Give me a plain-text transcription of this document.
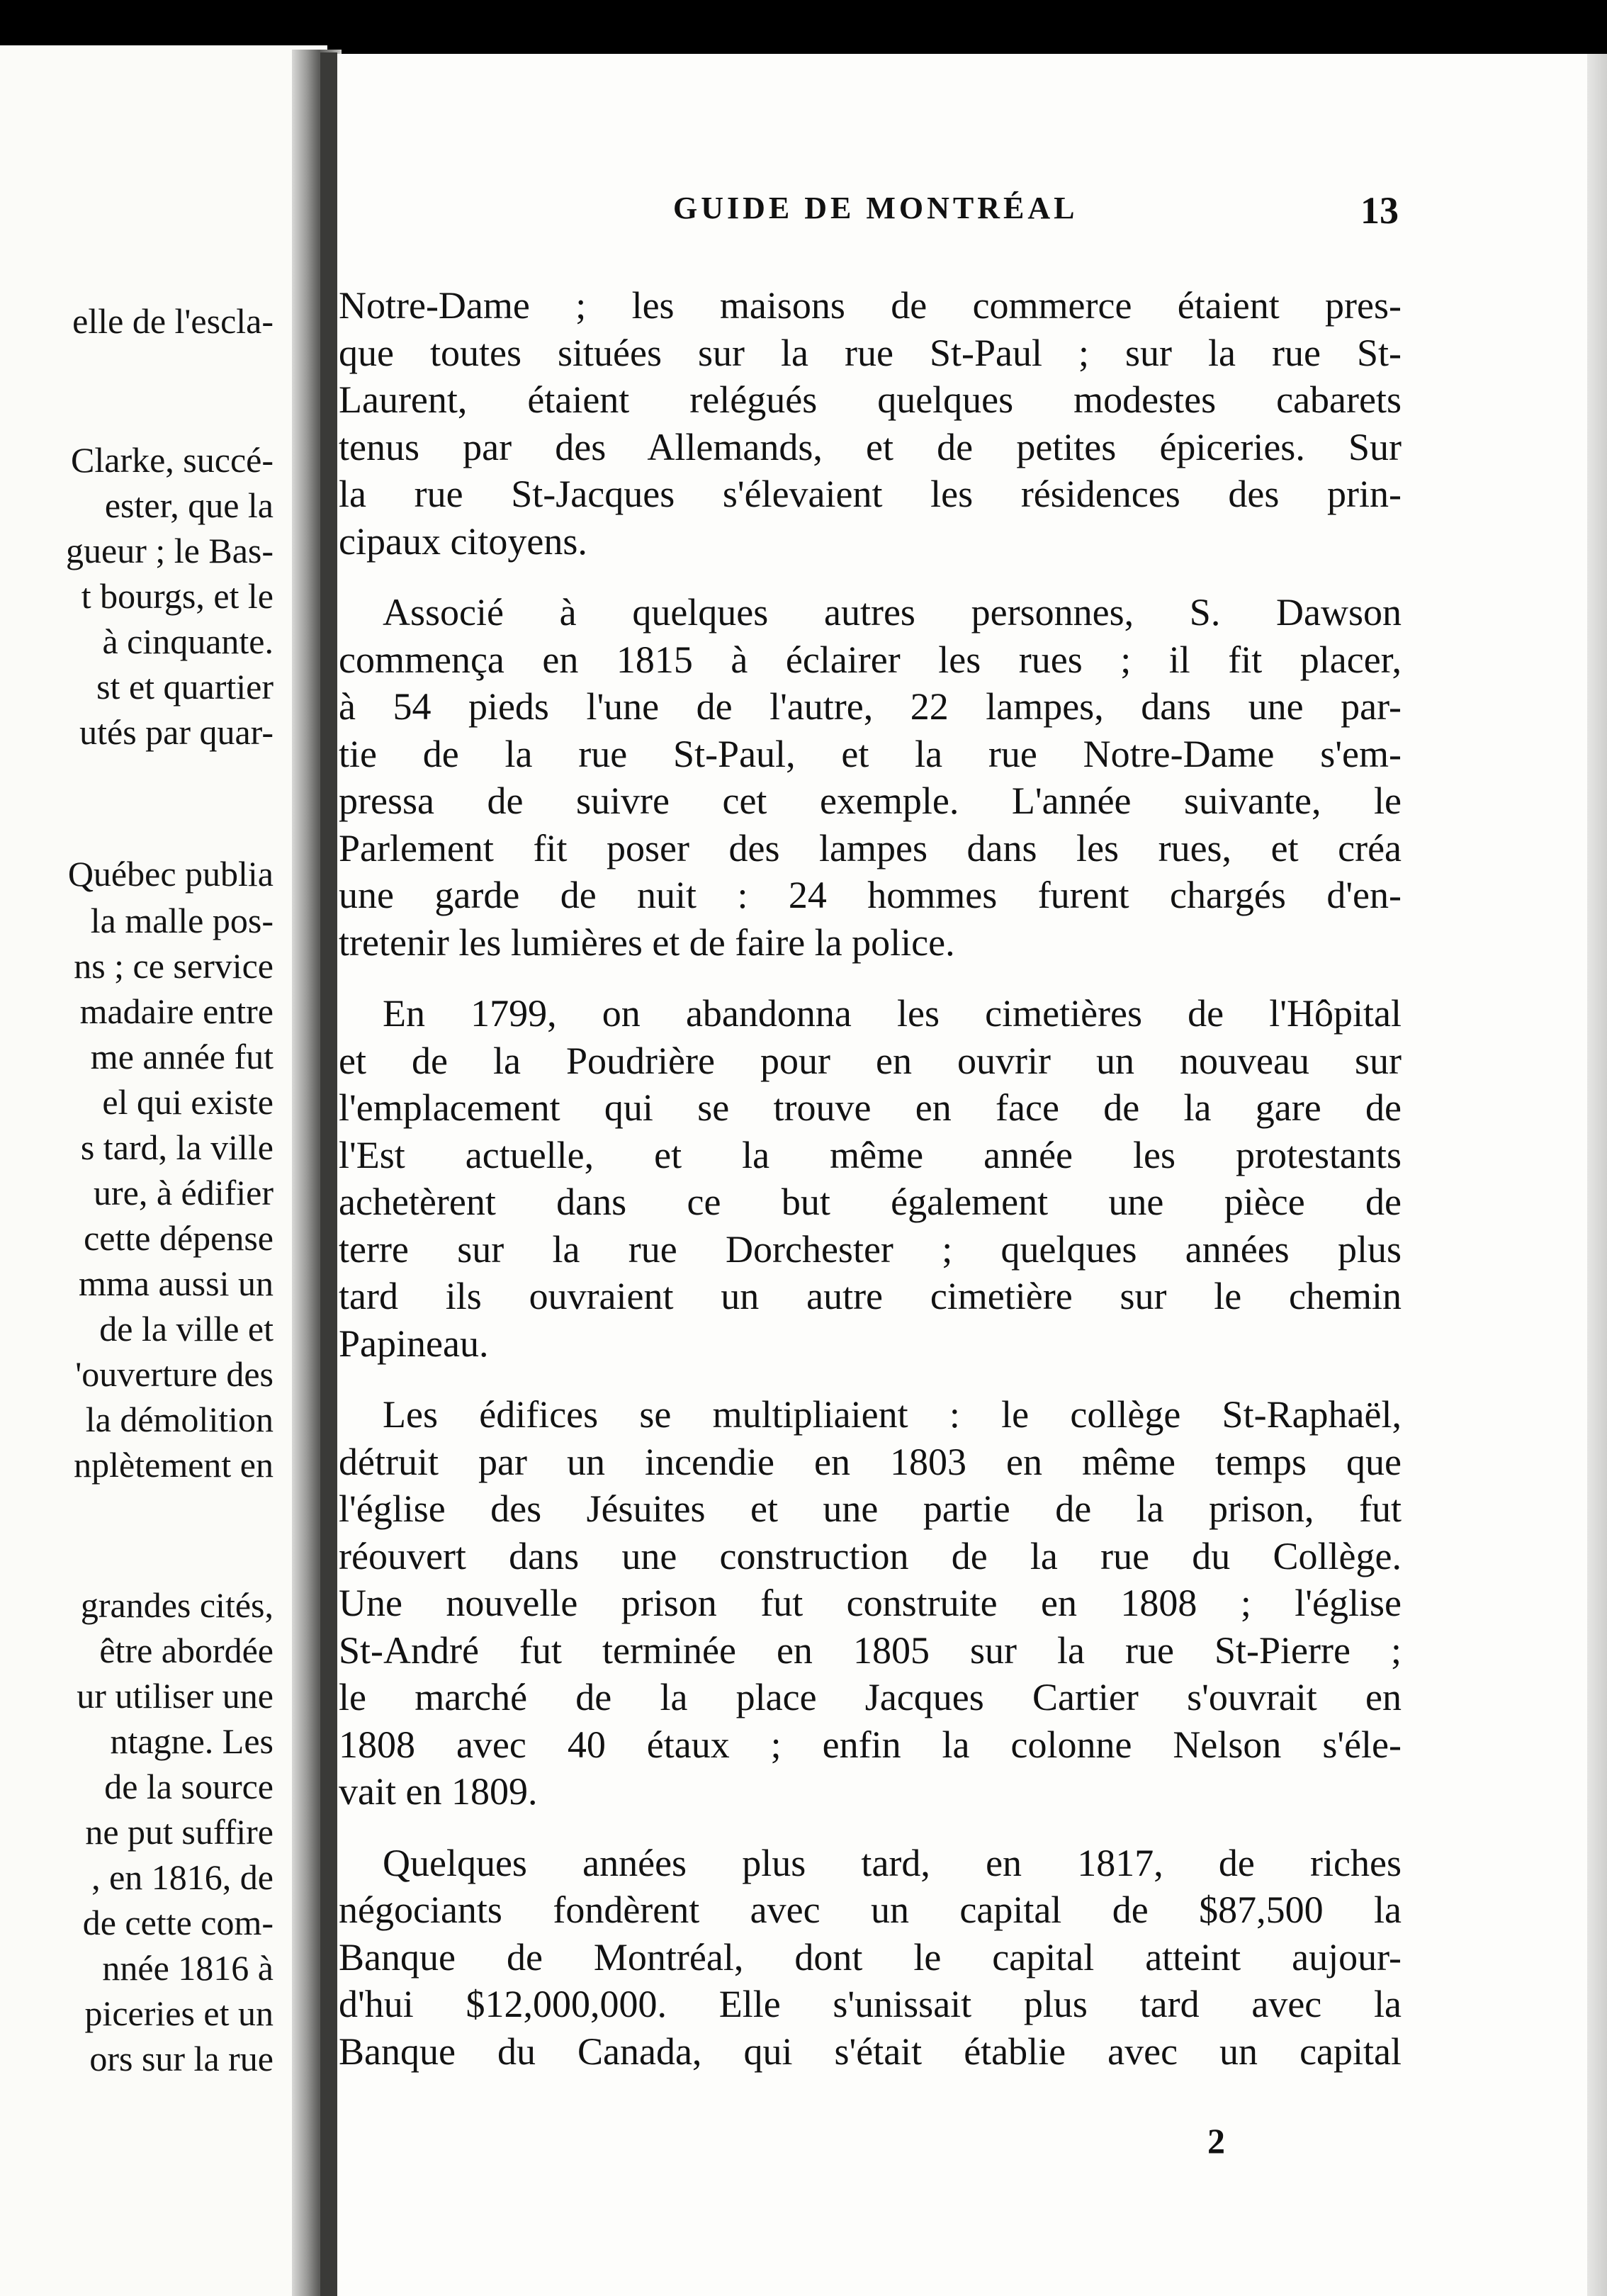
elle de l'escla-
Clarke, succé-
ester, que la
gueur ; le Bas-
t bourgs, et le
à cinquante.
st et quartier
utés par quar-
Québec publia
la malle pos-
ns ; ce service
madaire entre
me année fut
el qui existe
s tard, la ville
ure, à édifier
cette dépense
mma aussi un
de la ville et
'ouverture des
la démolition
nplètement en
grandes cités,
être abordée
ur utiliser une
ntagne. Les
de la source
ne put suffire
, en 1816, de
de cette com-
nnée 1816 à
piceries et un
ors sur la rue
GUIDE DE MONTRÉAL	13
Notre-Dame ; les maisons de commerce étaient pres-
que toutes situées sur la rue St-Paul ; sur la rue St-
Laurent, étaient relégués quelques modestes cabarets
tenus par des Allemands, et de petites épiceries. Sur
la rue St-Jacques s'élevaient les résidences des prin-
cipaux citoyens.
Associé à quelques autres personnes, S. Dawson
commença en 1815 à éclairer les rues ; il fit placer,
à 54 pieds l'une de l'autre, 22 lampes, dans une par-
tie de la rue St-Paul, et la rue Notre-Dame s'em-
pressa de suivre cet exemple. L'année suivante, le
Parlement fit poser des lampes dans les rues, et créa
une garde de nuit : 24 hommes furent chargés d'en-
tretenir les lumières et de faire la police.
En 1799, on abandonna les cimetières de l'Hôpital
et de la Poudrière pour en ouvrir un nouveau sur
l'emplacement qui se trouve en face de la gare de
l'Est actuelle, et la même année les protestants
achetèrent dans ce but également une pièce de
terre sur la rue Dorchester ; quelques années plus
tard ils ouvraient un autre cimetière sur le chemin
Papineau.
Les édifices se multipliaient : le collège St-Raphaël,
détruit par un incendie en 1803 en même temps que
l'église des Jésuites et une partie de la prison, fut
réouvert dans une construction de la rue du Collège.
Une nouvelle prison fut construite en 1808 ; l'église
St-André fut terminée en 1805 sur la rue St-Pierre ;
le marché de la place Jacques Cartier s'ouvrait en
1808 avec 40 étaux ; enfin la colonne Nelson s'éle-
vait en 1809.
Quelques années plus tard, en 1817, de riches
négociants fondèrent avec un capital de $87,500 la
Banque de Montréal, dont le capital atteint aujour-
d'hui $12,000,000. Elle s'unissait plus tard avec la
Banque du Canada, qui s'était établie avec un capital
2
